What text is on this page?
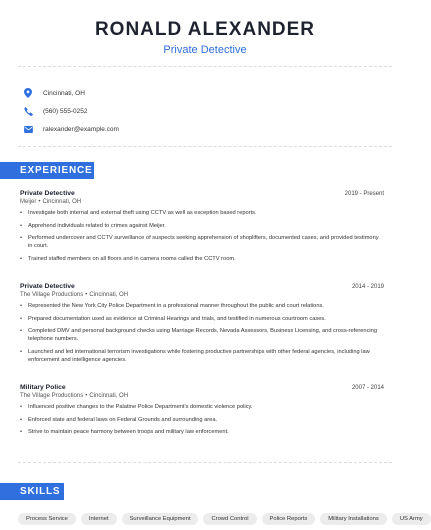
RONALD ALEXANDER
Private Detective
Cincinnati, OH
(560) 555-0252
ralexander@example.com
EXPERIENCE
Private Detective	2019 - Present
Meijer • Cincinnati, OH
• Investigate both internal and external theft using CCTV as well as exception based reports.
• Apprehend individuals related to crimes against Meijer.
• Performed undercover and CCTV surveillance of suspects seeking apprehension of shoplifters, documented cases, and provided testimony in court.
• Trained staffed members on all floors and in camera rooms called the CCTV room.
Private Detective	2014 - 2019
The Village Productions • Cincinnati, OH
• Represented the New York City Police Department in a professional manner throughout the public and court relations.
• Prepared documentation used as evidence at Criminal Hearings and trials, and testified in numerous courtroom cases.
• Completed DMV and personal background checks using Marriage Records, Nevada Assessors, Business Licensing, and cross-referencing telephone numbers.
• Launched and led international terrorism investigations while fostering productive partnerships with other federal agencies, including law enforcement and intelligence agencies.
Military Police	2007 - 2014
The Village Productions • Cincinnati, OH
• Influenced positive changes to the Palatine Police Department's domestic violence policy.
• Enforced state and federal laws on Federal Grounds and surrounding area.
• Strive to maintain peace harmony between troops and military law enforcement.
SKILLS
Process Service	Internet	Surveillance Equipment	Crowd Control	Police Reports	Military Installations	US Army
